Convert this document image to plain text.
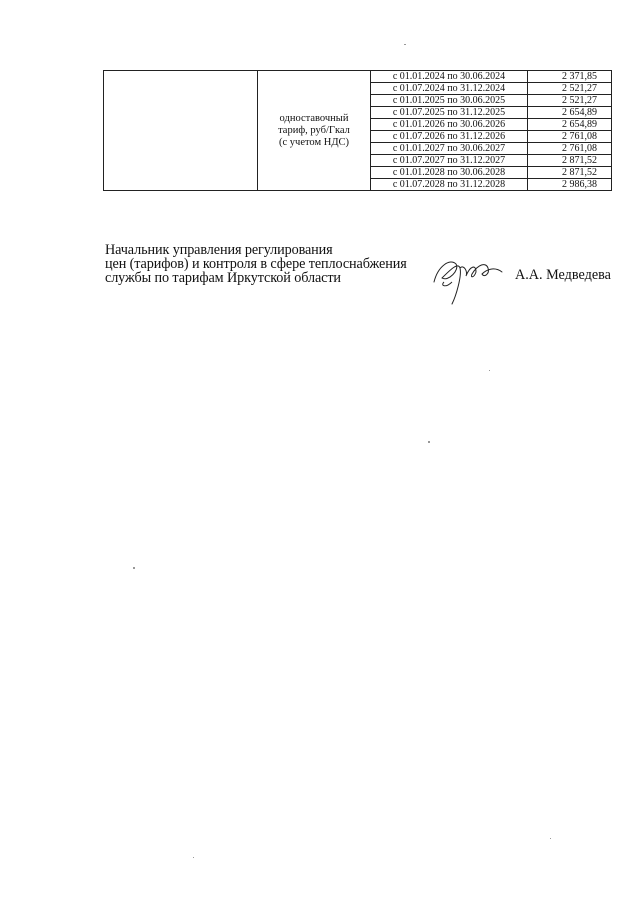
	одноставочный
тариф, руб/Гкал
(с учетом НДС)	с 01.01.2024 по 30.06.2024	2 371,85
		с 01.07.2024 по 31.12.2024	2 521,27
		с 01.01.2025 по 30.06.2025	2 521,27
		с 01.07.2025 по 31.12.2025	2 654,89
		с 01.01.2026 по 30.06.2026	2 654,89
		с 01.07.2026 по 31.12.2026	2 761,08
		с 01.01.2027 по 30.06.2027	2 761,08
		с 01.07.2027 по 31.12.2027	2 871,52
		с 01.01.2028 по 30.06.2028	2 871,52
		с 01.07.2028 по 31.12.2028	2 986,38
Начальник управления регулирования
цен (тарифов) и контроля в сфере теплоснабжения
службы по тарифам Иркутской области	А.А. Медведева
